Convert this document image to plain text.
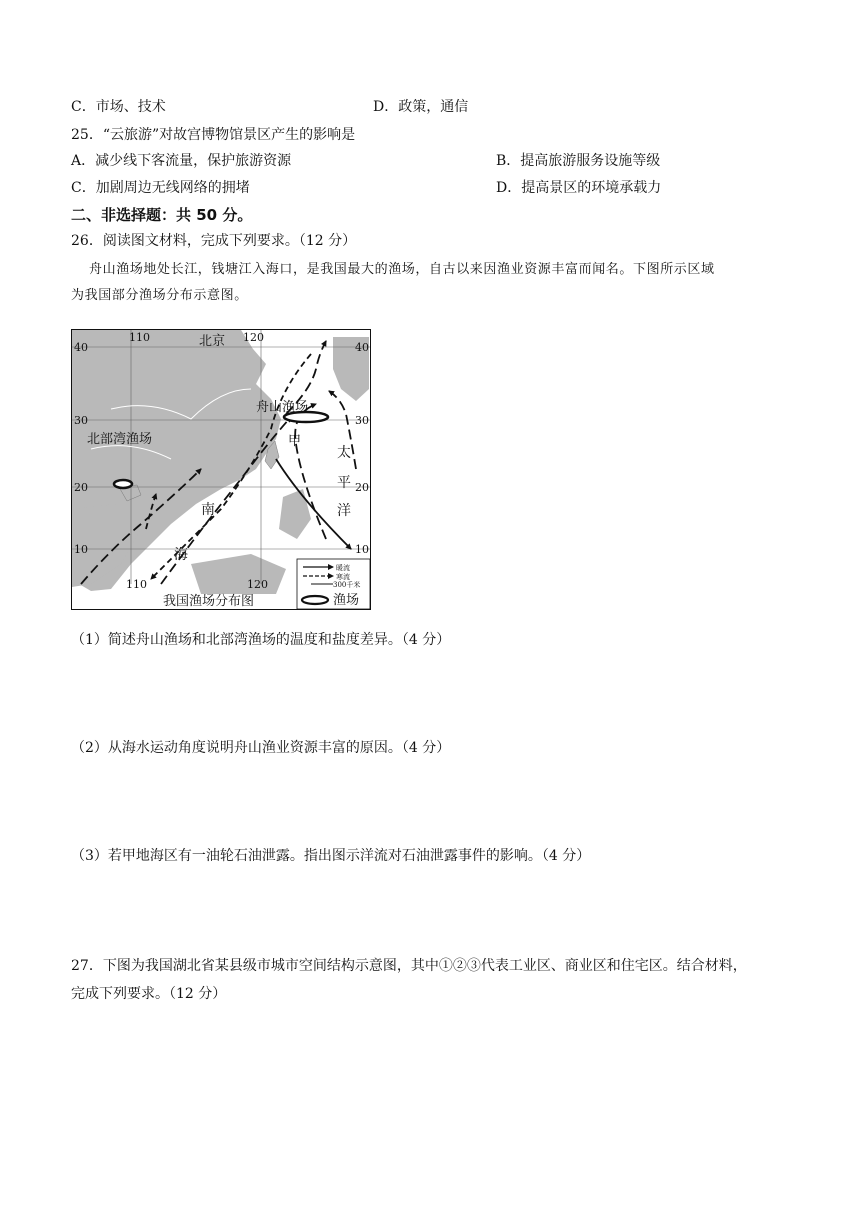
C．市场、技术	D．政策，通信
25．“云旅游”对故宫博物馆景区产生的影响是
A．减少线下客流量，保护旅游资源	B．提高旅游服务设施等级
C．加剧周边无线网络的拥堵	D．提高景区的环境承载力
二、非选择题：共 50 分。
26．阅读图文材料，完成下列要求。（12 分）
舟山渔场地处长江，钱塘江入海口，是我国最大的渔场，自古以来因渔业资源丰富而闻名。下图所示区域
为我国部分渔场分布示意图。
110	120
110	120
40
30
20
10
40
30
20
10
北京
舟山渔场
北部湾渔场	甲
太
平
洋
南
海
暖流
寒流
300千米
渔场
我国渔场分布图
（1）简述舟山渔场和北部湾渔场的温度和盐度差异。（4 分）
（2）从海水运动角度说明舟山渔业资源丰富的原因。（4 分）
（3）若甲地海区有一油轮石油泄露。指出图示洋流对石油泄露事件的影响。（4 分）
27．下图为我国湖北省某县级市城市空间结构示意图，其中①②③代表工业区、商业区和住宅区。结合材料，
完成下列要求。（12 分）
